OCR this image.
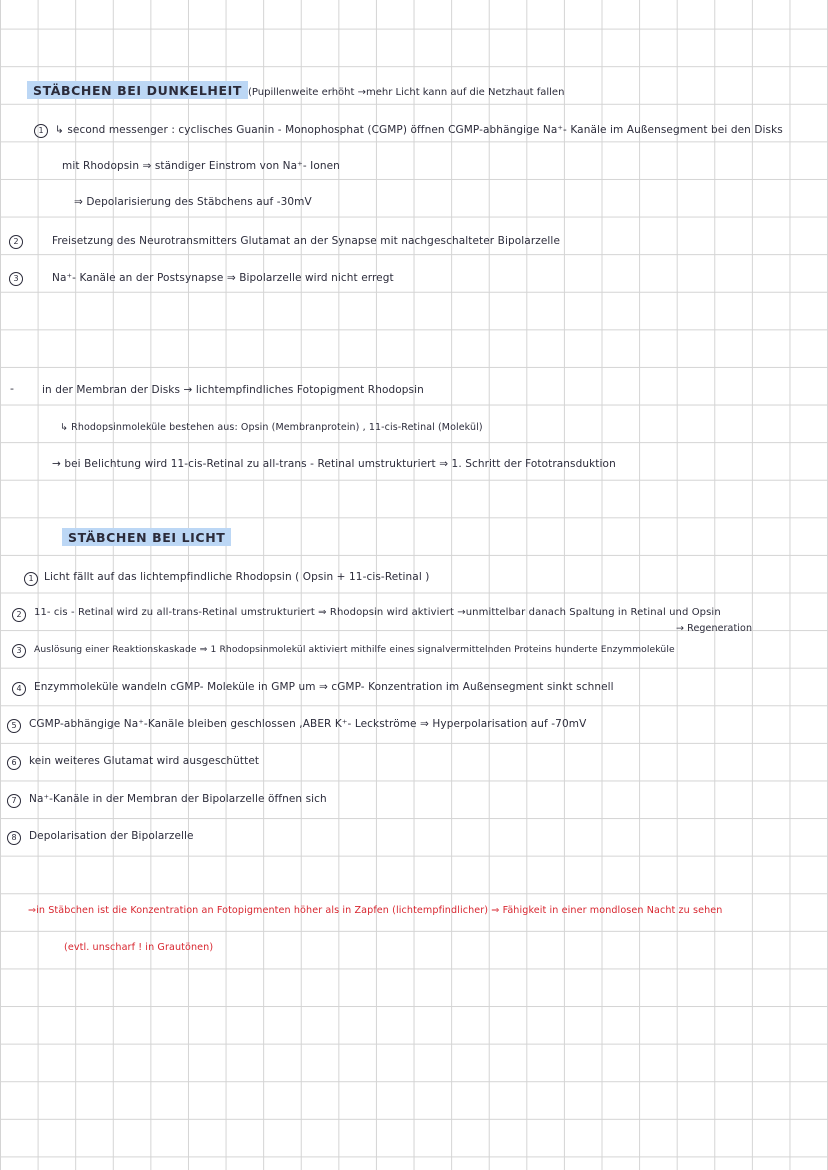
STÄBCHEN BEI DUNKELHEIT (Pupillenweite erhöht →mehr Licht kann auf die Netzhaut fallen
1	↳ second messenger : cyclisches Guanin - Monophosphat (CGMP) öffnen CGMP-abhängige Na⁺- Kanäle im Außensegment bei den Disks
mit Rhodopsin ⇒ ständiger Einstrom von Na⁺- Ionen
⇒ Depolarisierung des Stäbchens auf -30mV
2	Freisetzung des Neurotransmitters Glutamat an der Synapse mit nachgeschalteter Bipolarzelle
3	Na⁺- Kanäle an der Postsynapse ⇒ Bipolarzelle wird nicht erregt
-	in der Membran der Disks → lichtempfindliches Fotopigment Rhodopsin
↳ Rhodopsinmoleküle bestehen aus: Opsin (Membranprotein) , 11-cis-Retinal (Molekül)
→ bei Belichtung wird 11-cis-Retinal zu all-trans - Retinal umstrukturiert ⇒ 1. Schritt der Fototransduktion
STÄBCHEN BEI LICHT
1 Licht fällt auf das lichtempfindliche Rhodopsin ( Opsin + 11-cis-Retinal )
2	11- cis - Retinal wird zu all-trans-Retinal umstrukturiert ⇒ Rhodopsin wird aktiviert →unmittelbar danach Spaltung in Retinal und Opsin
→ Regeneration
3	Auslösung einer Reaktionskaskade ⇒ 1 Rhodopsinmolekül aktiviert mithilfe eines signalvermittelnden Proteins hunderte Enzymmoleküle
4	Enzymmoleküle wandeln cGMP- Moleküle in GMP um ⇒ cGMP- Konzentration im Außensegment sinkt schnell
5	CGMP-abhängige Na⁺-Kanäle bleiben geschlossen ,ABER K⁺- Leckströme ⇒ Hyperpolarisation auf -70mV
6	kein weiteres Glutamat wird ausgeschüttet
7	Na⁺-Kanäle in der Membran der Bipolarzelle öffnen sich
8	Depolarisation der Bipolarzelle
⇒in Stäbchen ist die Konzentration an Fotopigmenten höher als in Zapfen (lichtempfindlicher) ⇒ Fähigkeit in einer mondlosen Nacht zu sehen
(evtl. unscharf ! in Grautönen)
